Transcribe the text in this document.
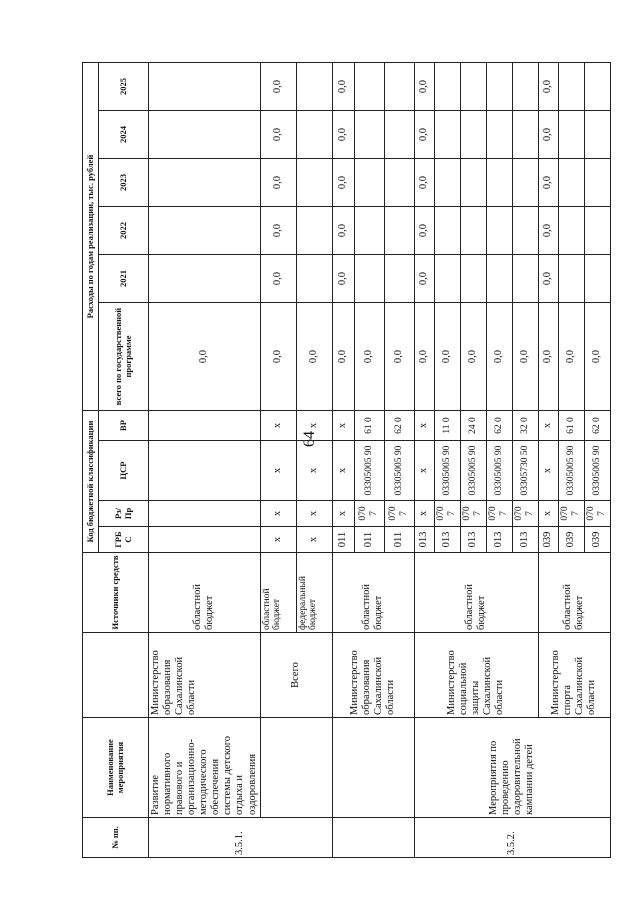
64
№ пп.	Наименование мероприятия		Источники средств	Код бюджетной классификации				Расходы по годам реализации, тыс. рублей					
				ГРБ С	Рз/ Пр	ЦСР	ВР	всего по государственной программе	2021	2022	2023	2024	2025
3.5.1.	Развитие нормативного правового и организационно-методического обеспечения системы детского отдыха и оздоровления	Министерство образования Сахалинской области	областной бюджет					0,0					
		Всего	областной бюджет	x	x	x	x	0,0	0,0	0,0	0,0	0,0	0,0
			федеральный бюджет	x	x	x	x	0,0					
		Министерство образования Сахалинской области	областной бюджет	011	x	x	x	0,0	0,0	0,0	0,0	0,0	0,0
				011	070 7	03305005 90	61 0	0,0					
				011	070 7	03305005 90	62 0	0,0					
3.5.2.	Мероприятия по проведению оздоровительной кампании детей	Министерство социальной защиты Сахалинской области	областной бюджет	013	x	x	x	0,0	0,0	0,0	0,0	0,0	0,0
				013	070 7	03305005 90	11 0	0,0					
				013	070 7	03305005 90	24 0	0,0					
				013	070 7	03305005 90	62 0	0,0					
				013	070 7	03305730 50	32 0	0,0					
		Министерство спорта Сахалинской области	областной бюджет	039	x	x	x	0,0	0,0	0,0	0,0	0,0	0,0
				039	070 7	03305005 90	61 0	0,0					
				039	070 7	03305005 90	62 0	0,0					
